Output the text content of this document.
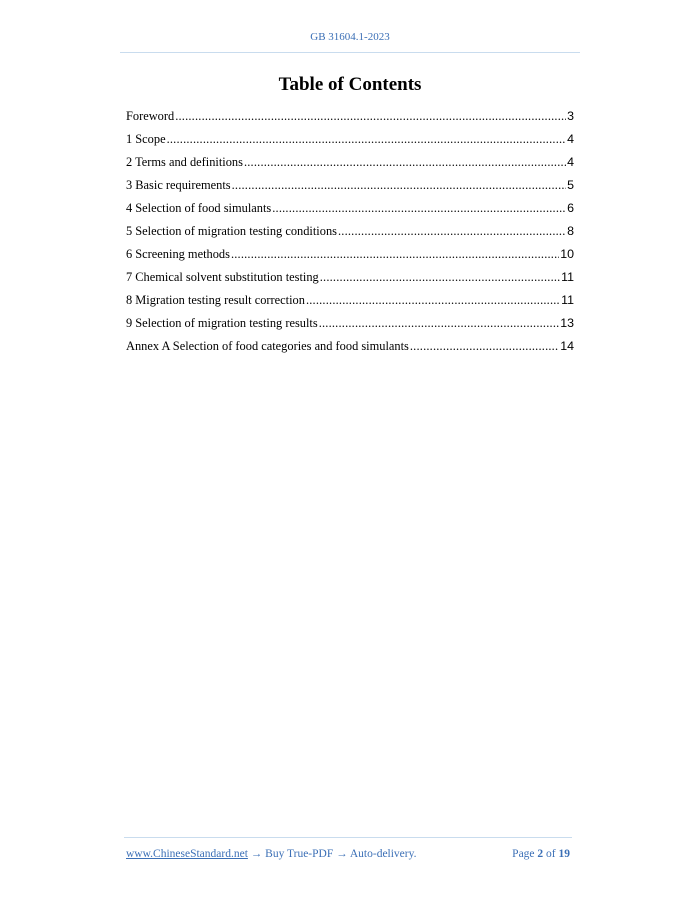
GB 31604.1-2023
Table of Contents
Foreword .....	3
1 Scope .....	4
2 Terms and definitions .....	4
3 Basic requirements .....	5
4 Selection of food simulants .....	6
5 Selection of migration testing conditions .....	8
6 Screening methods .....	10
7 Chemical solvent substitution testing .....	11
8 Migration testing result correction .....	11
9 Selection of migration testing results .....	13
Annex A Selection of food categories and food simulants .....	14
www.ChineseStandard.net → Buy True-PDF → Auto-delivery.	Page 2 of 19
